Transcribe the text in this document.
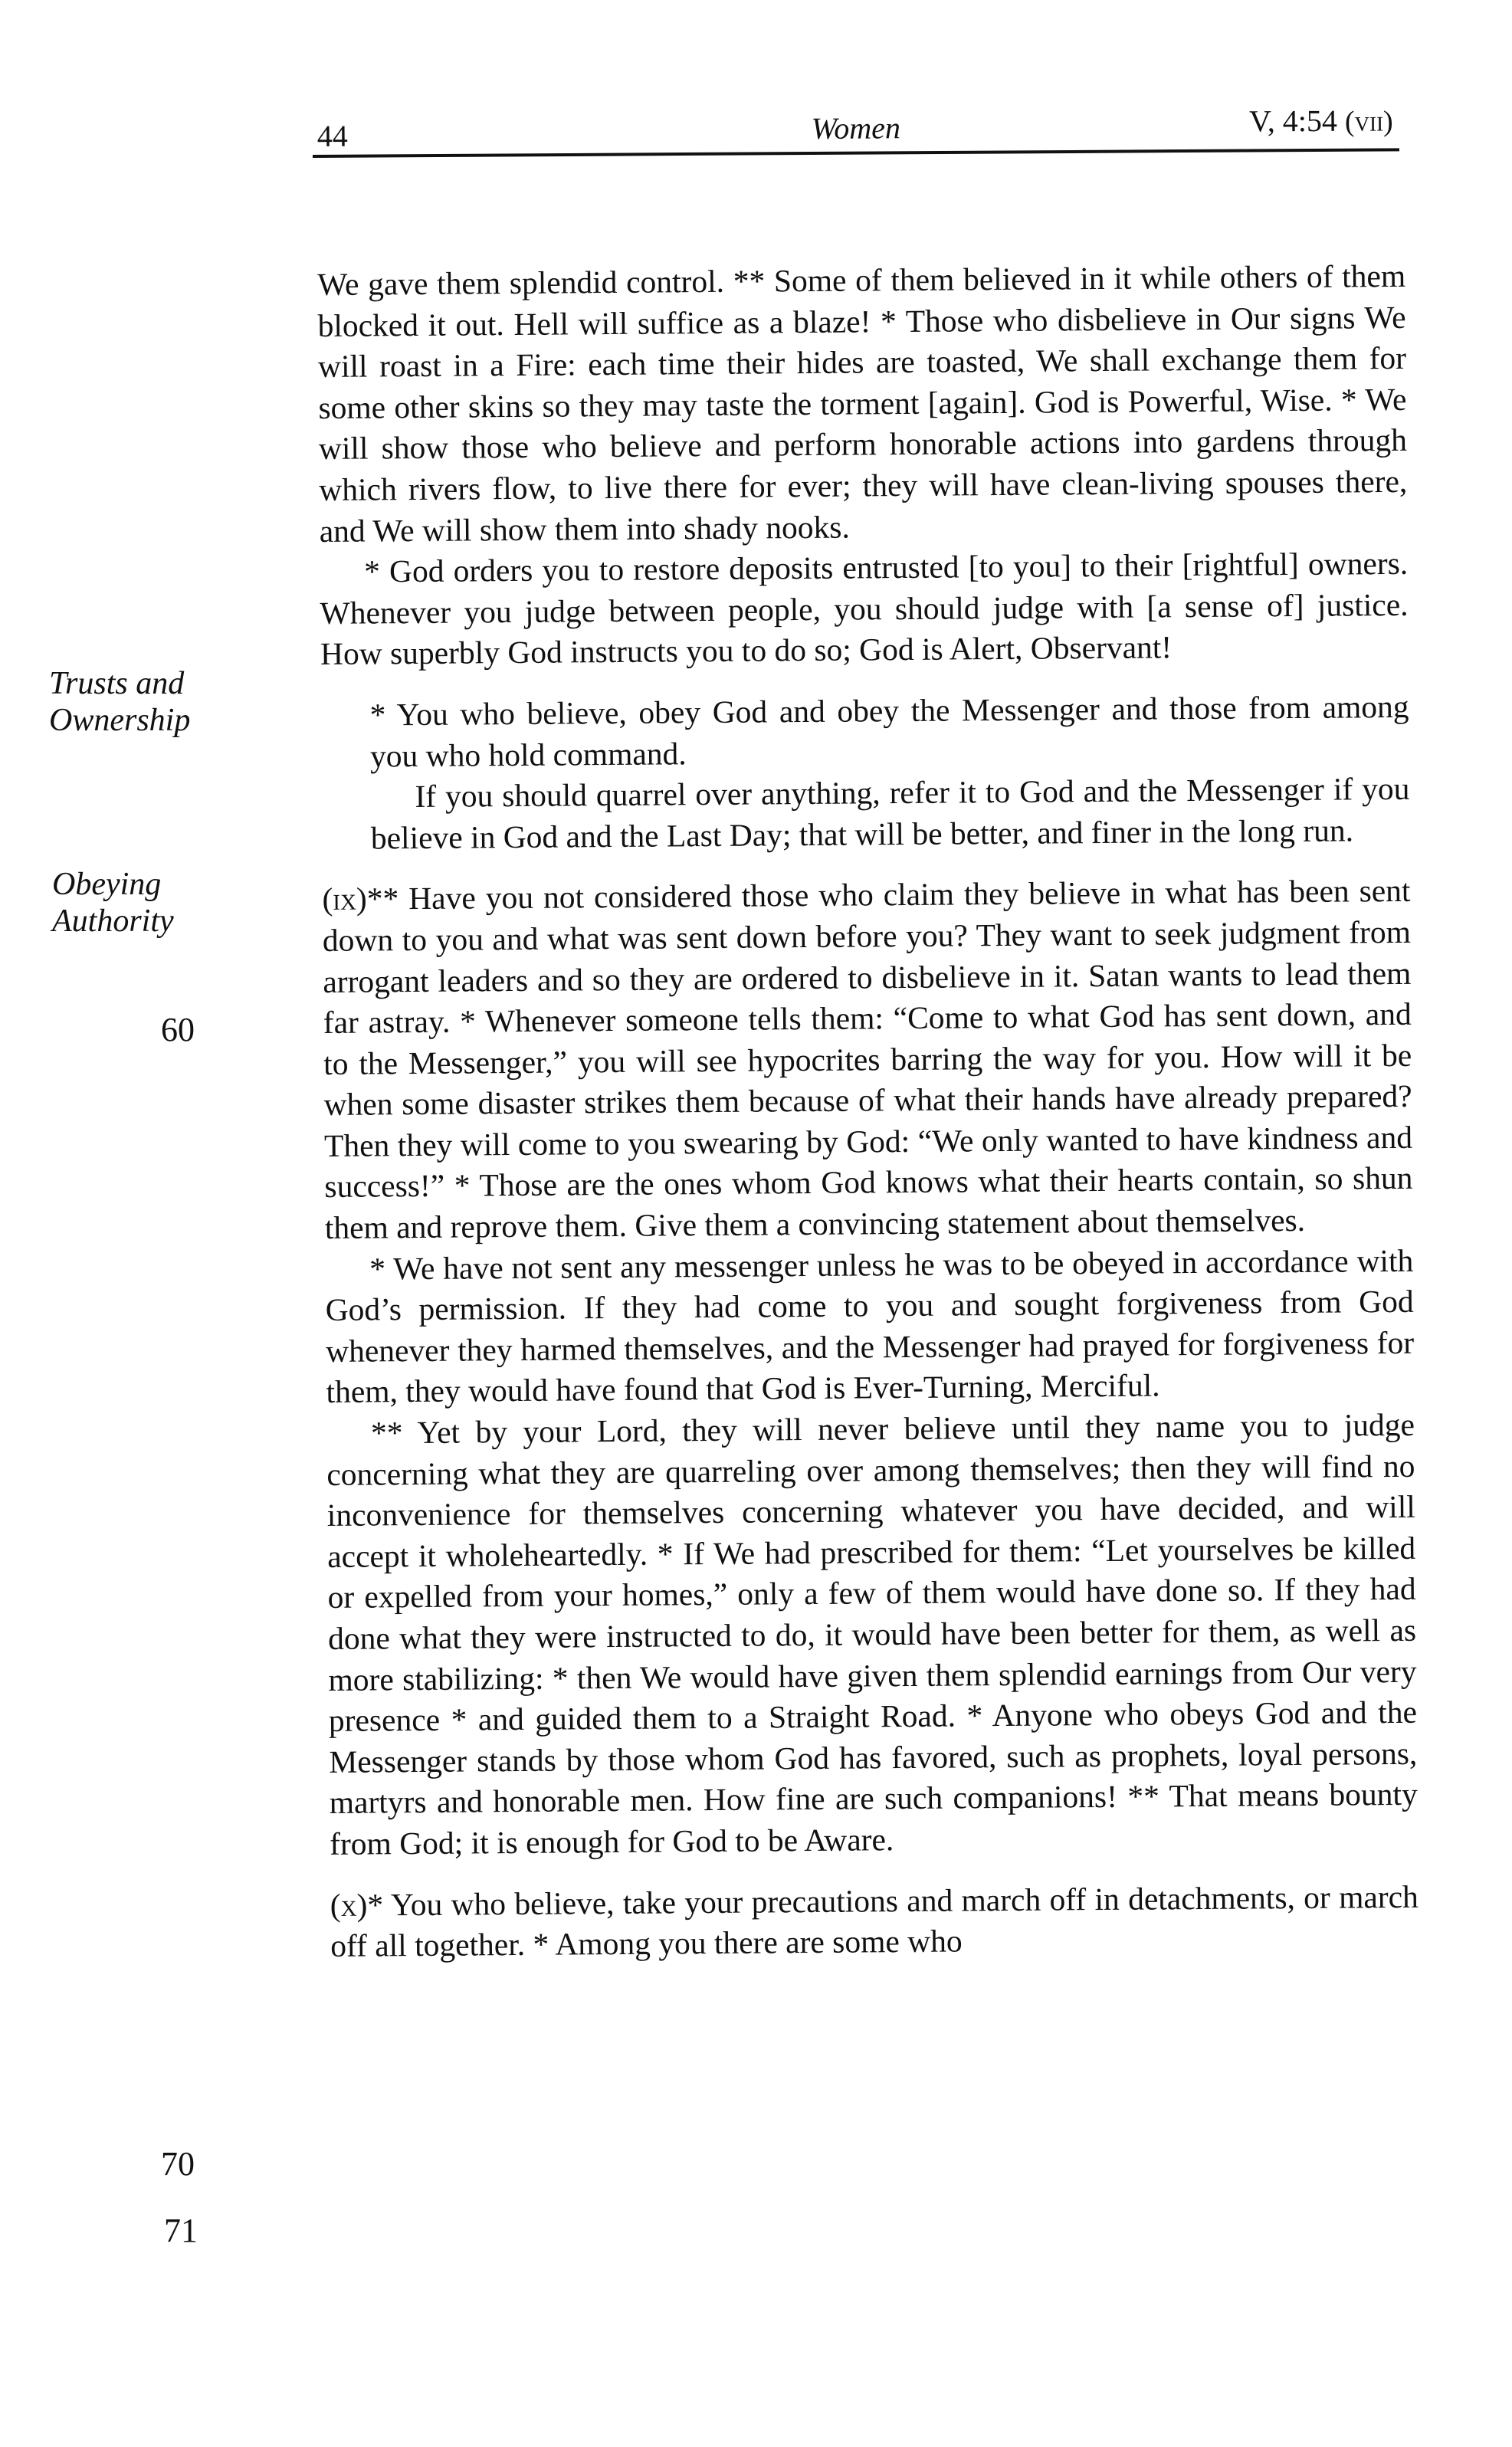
44	Women	V, 4:54 (vii)
Trusts and
Ownership
Obeying
Authority
60
70
71

We gave them splendid control. ** Some of them believed in it while others of them blocked it out. Hell will suffice as a blaze! * Those who disbelieve in Our signs We will roast in a Fire: each time their hides are toasted, We shall exchange them for some other skins so they may taste the torment [again]. God is Powerful, Wise. * We will show those who believe and perform honorable actions into gardens through which rivers flow, to live there for ever; they will have clean-living spouses there, and We will show them into shady nooks.

* God orders you to restore deposits entrusted [to you] to their [rightful] owners. Whenever you judge between people, you should judge with [a sense of] justice. How superbly God instructs you to do so; God is Alert, Observant!

* You who believe, obey God and obey the Messenger and those from among you who hold command.

If you should quarrel over anything, refer it to God and the Messenger if you believe in God and the Last Day; that will be better, and finer in the long run.

(ix)** Have you not considered those who claim they believe in what has been sent down to you and what was sent down before you? They want to seek judgment from arrogant leaders and so they are ordered to disbelieve in it. Satan wants to lead them far astray. * Whenever someone tells them: “Come to what God has sent down, and to the Messenger,” you will see hypocrites barring the way for you. How will it be when some disaster strikes them because of what their hands have already prepared? Then they will come to you swearing by God: “We only wanted to have kindness and success!” * Those are the ones whom God knows what their hearts contain, so shun them and reprove them. Give them a convincing statement about themselves.

* We have not sent any messenger unless he was to be obeyed in accordance with God’s permission. If they had come to you and sought forgiveness from God whenever they harmed themselves, and the Messenger had prayed for forgiveness for them, they would have found that God is Ever-Turning, Merciful.

** Yet by your Lord, they will never believe until they name you to judge concerning what they are quarreling over among themselves; then they will find no inconvenience for themselves concerning whatever you have decided, and will accept it wholeheartedly. * If We had prescribed for them: “Let yourselves be killed or expelled from your homes,” only a few of them would have done so. If they had done what they were instructed to do, it would have been better for them, as well as more stabilizing: * then We would have given them splendid earnings from Our very presence * and guided them to a Straight Road. * Anyone who obeys God and the Messenger stands by those whom God has favored, such as prophets, loyal persons, martyrs and honorable men. How fine are such companions! ** That means bounty from God; it is enough for God to be Aware.

(x)* You who believe, take your precautions and march off in detachments, or march off all together. * Among you there are some who
